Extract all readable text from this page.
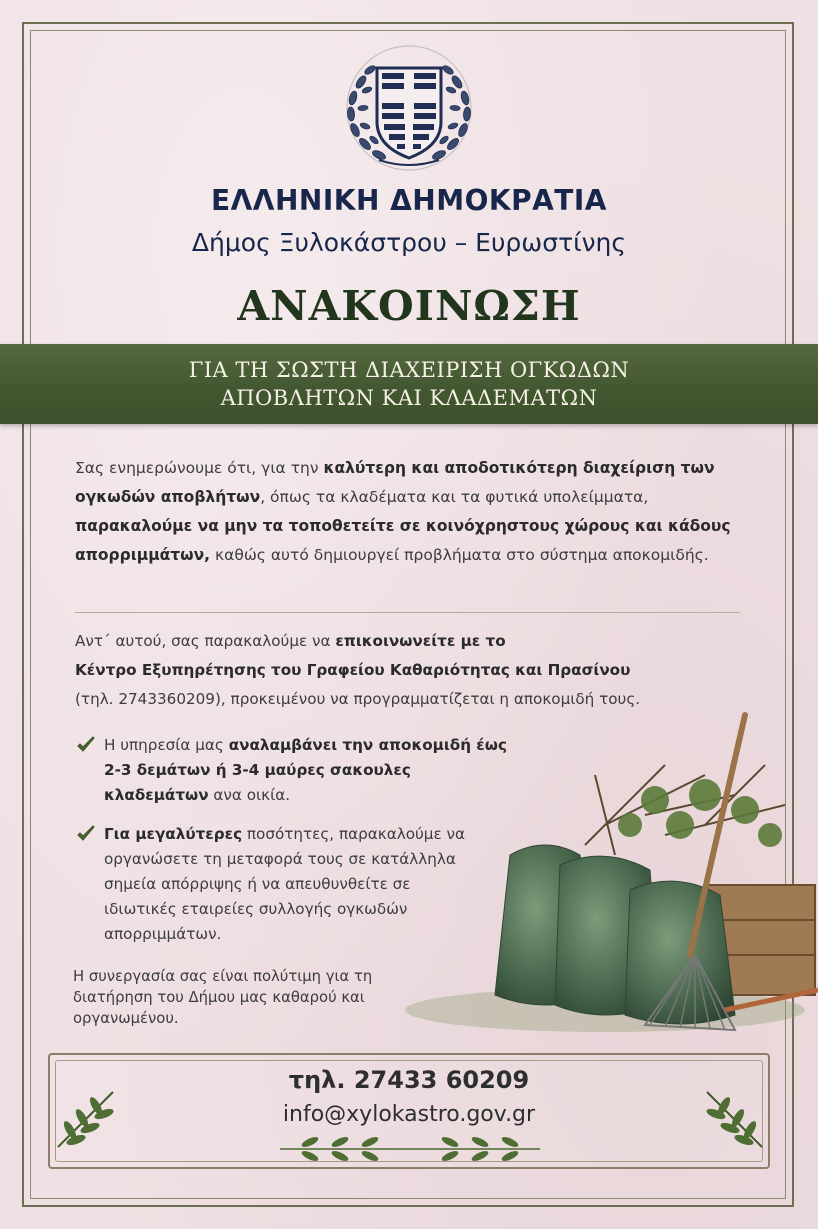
ΕΛΛΗΝΙΚΗ ΔΗΜΟΚΡΑΤΙΑ
Δήμος Ξυλοκάστρου – Ευρωστίνης
ΑΝΑΚΟΙΝΩΣΗ
ΓΙΑ ΤΗ ΣΩΣΤΗ ΔΙΑΧΕΙΡΙΣΗ ΟΓΚΩΔΩΝ
ΑΠΟΒΛΗΤΩΝ ΚΑΙ ΚΛΑΔΕΜΑΤΩΝ
Σας ενημερώνουμε ότι, για την καλύτερη και αποδοτικότερη διαχείριση των ογκωδών αποβλήτων, όπως τα κλαδέματα και τα φυτικά υπολείμματα, παρακαλούμε να μην τα τοποθετείτε σε κοινόχρηστους χώρους και κάδους απορριμμάτων, καθώς αυτό δημιουργεί προβλήματα στο σύστημα αποκομιδής.
Αντ΄ αυτού, σας παρακαλούμε να επικοινωνείτε με το
Κέντρο Εξυπηρέτησης του Γραφείου Καθαριότητας και Πρασίνου
(τηλ. 2743360209), προκειμένου να προγραμματίζεται η αποκομιδή τους.
Η υπηρεσία μας αναλαμβάνει την αποκομιδή έως 2-3 δεμάτων ή 3-4 μαύρες σακουλες κλαδεμάτων ανα οικία.
Για μεγαλύτερες ποσότητες, παρακαλούμε να οργανώσετε τη μεταφορά τους σε κατάλληλα σημεία απόρριψης ή να απευθυνθείτε σε ιδιωτικές εταιρείες συλλογής ογκωδών απορριμμάτων.
Η συνεργασία σας είναι πολύτιμη για τη διατήρηση του Δήμου μας καθαρού και οργανωμένου.
τηλ. 27433 60209
info@xylokastro.gov.gr
